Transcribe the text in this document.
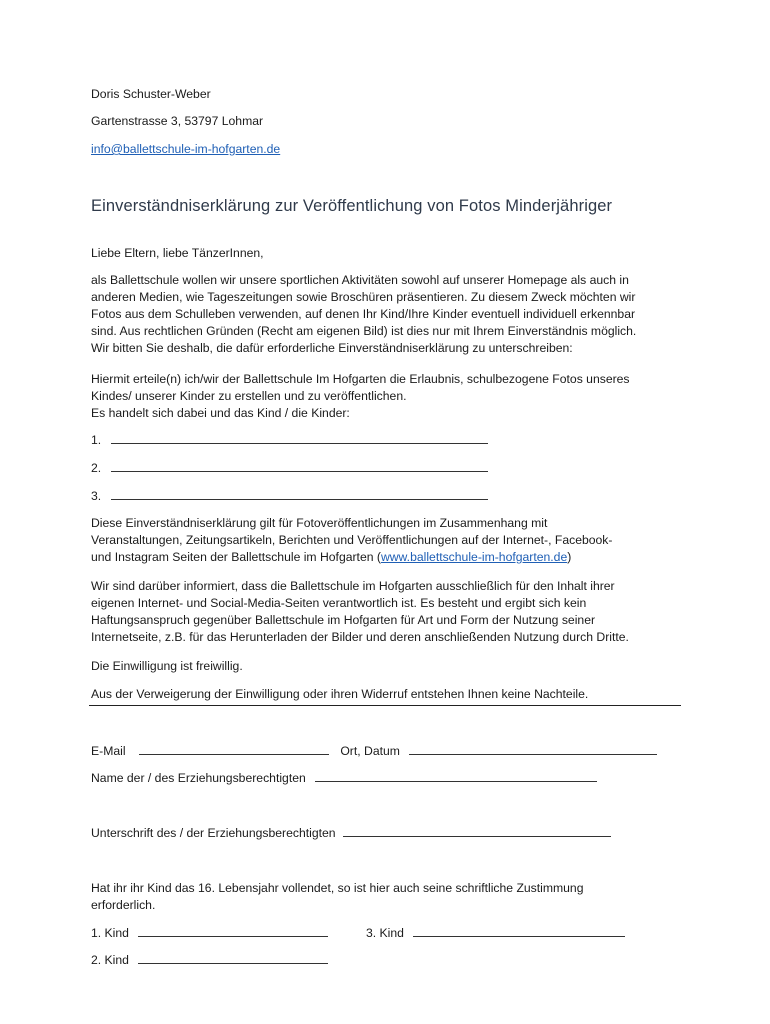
Doris Schuster-Weber
Gartenstrasse 3, 53797 Lohmar
info@ballettschule-im-hofgarten.de
Einverständniserklärung zur Veröffentlichung von Fotos Minderjähriger
Liebe Eltern, liebe TänzerInnen,
als Ballettschule wollen wir unsere sportlichen Aktivitäten sowohl auf unserer Homepage als auch in
anderen Medien, wie Tageszeitungen sowie Broschüren präsentieren. Zu diesem Zweck möchten wir
Fotos aus dem Schulleben verwenden, auf denen Ihr Kind/Ihre Kinder eventuell individuell erkennbar
sind. Aus rechtlichen Gründen (Recht am eigenen Bild) ist dies nur mit Ihrem Einverständnis möglich.
Wir bitten Sie deshalb, die dafür erforderliche Einverständniserklärung zu unterschreiben:
Hiermit erteile(n) ich/wir der Ballettschule Im Hofgarten die Erlaubnis, schulbezogene Fotos unseres
Kindes/ unserer Kinder zu erstellen und zu veröffentlichen.
Es handelt sich dabei und das Kind / die Kinder:
1.
2.
3.
Diese Einverständniserklärung gilt für Fotoveröffentlichungen im Zusammenhang mit
Veranstaltungen, Zeitungsartikeln, Berichten und Veröffentlichungen auf der Internet-, Facebook-
und Instagram Seiten der Ballettschule im Hofgarten (www.ballettschule-im-hofgarten.de)
Wir sind darüber informiert, dass die Ballettschule im Hofgarten ausschließlich für den Inhalt ihrer
eigenen Internet- und Social-Media-Seiten verantwortlich ist. Es besteht und ergibt sich kein
Haftungsanspruch gegenüber Ballettschule im Hofgarten für Art und Form der Nutzung seiner
Internetseite, z.B. für das Herunterladen der Bilder und deren anschließenden Nutzung durch Dritte.
Die Einwilligung ist freiwillig.
Aus der Verweigerung der Einwilligung oder ihren Widerruf entstehen Ihnen keine Nachteile.
E-Mail	Ort, Datum
Name der / des Erziehungsberechtigten
Unterschrift des / der Erziehungsberechtigten
Hat ihr ihr Kind das 16. Lebensjahr vollendet, so ist hier auch seine schriftliche Zustimmung
erforderlich.
1. Kind	3. Kind
2. Kind
